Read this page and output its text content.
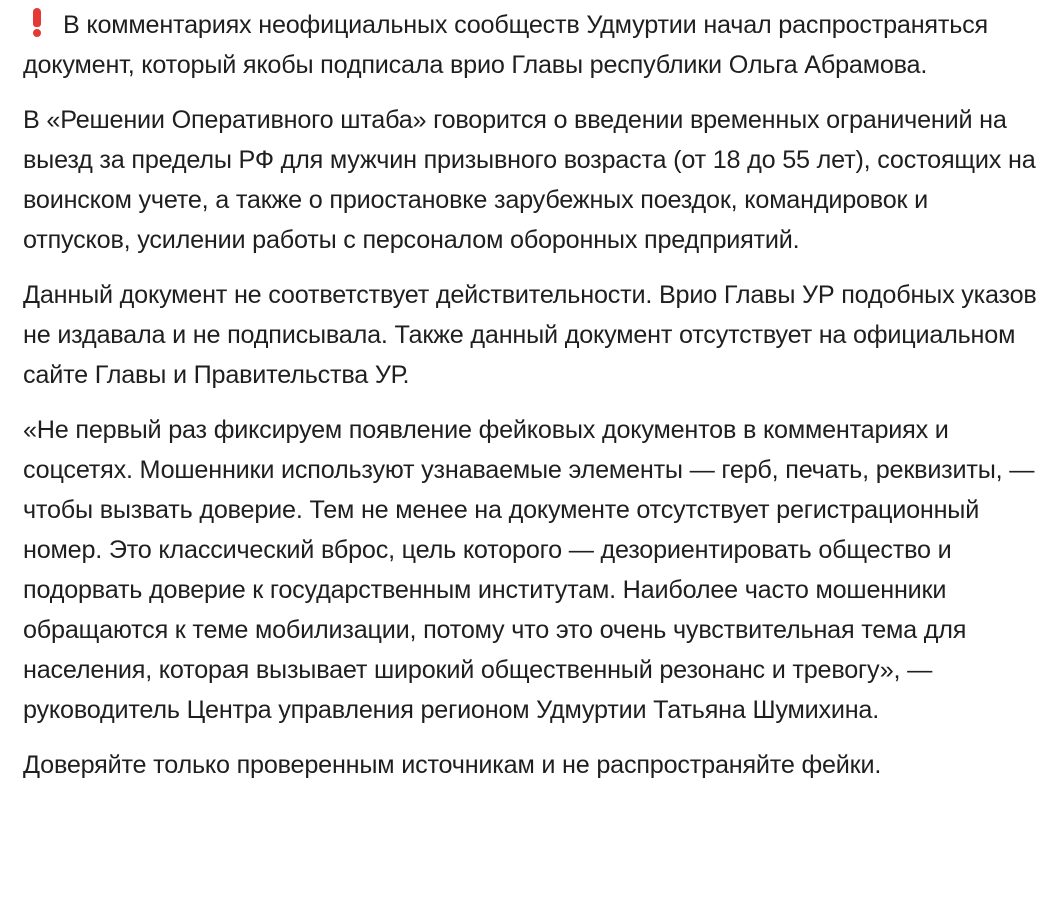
В комментариях неофициальных сообществ Удмуртии начал распространяться документ, который якобы подписала врио Главы республики Ольга Абрамова.

В «Решении Оперативного штаба» говорится о введении временных ограничений на выезд за пределы РФ для мужчин призывного возраста (от 18 до 55 лет), состоящих на воинском учете, а также о приостановке зарубежных поездок, командировок и отпусков, усилении работы с персоналом оборонных предприятий.

Данный документ не соответствует действительности. Врио Главы УР подобных указов не издавала и не подписывала. Также данный документ отсутствует на официальном сайте Главы и Правительства УР.

«Не первый раз фиксируем появление фейковых документов в комментариях и соцсетях. Мошенники используют узнаваемые элементы — герб, печать, реквизиты, — чтобы вызвать доверие. Тем не менее на документе отсутствует регистрационный номер. Это классический вброс, цель которого — дезориентировать общество и подорвать доверие к государственным институтам. Наиболее часто мошенники обращаются к теме мобилизации, потому что это очень чувствительная тема для населения, которая вызывает широкий общественный резонанс и тревогу», — руководитель Центра управления регионом Удмуртии Татьяна Шумихина.

Доверяйте только проверенным источникам и не распространяйте фейки.
